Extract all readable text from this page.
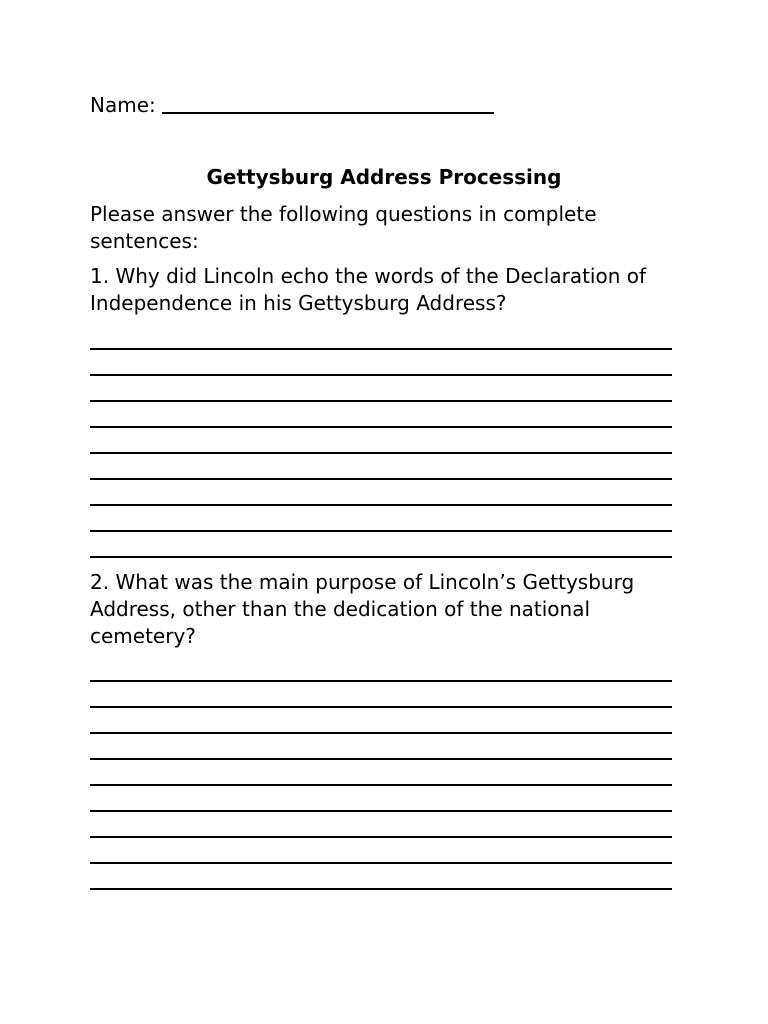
Name:
Gettysburg Address Processing
Please answer the following questions in complete sentences:
1. Why did Lincoln echo the words of the Declaration of Independence in his Gettysburg Address?
2. What was the main purpose of Lincoln’s Gettysburg Address, other than the dedication of the national cemetery?
